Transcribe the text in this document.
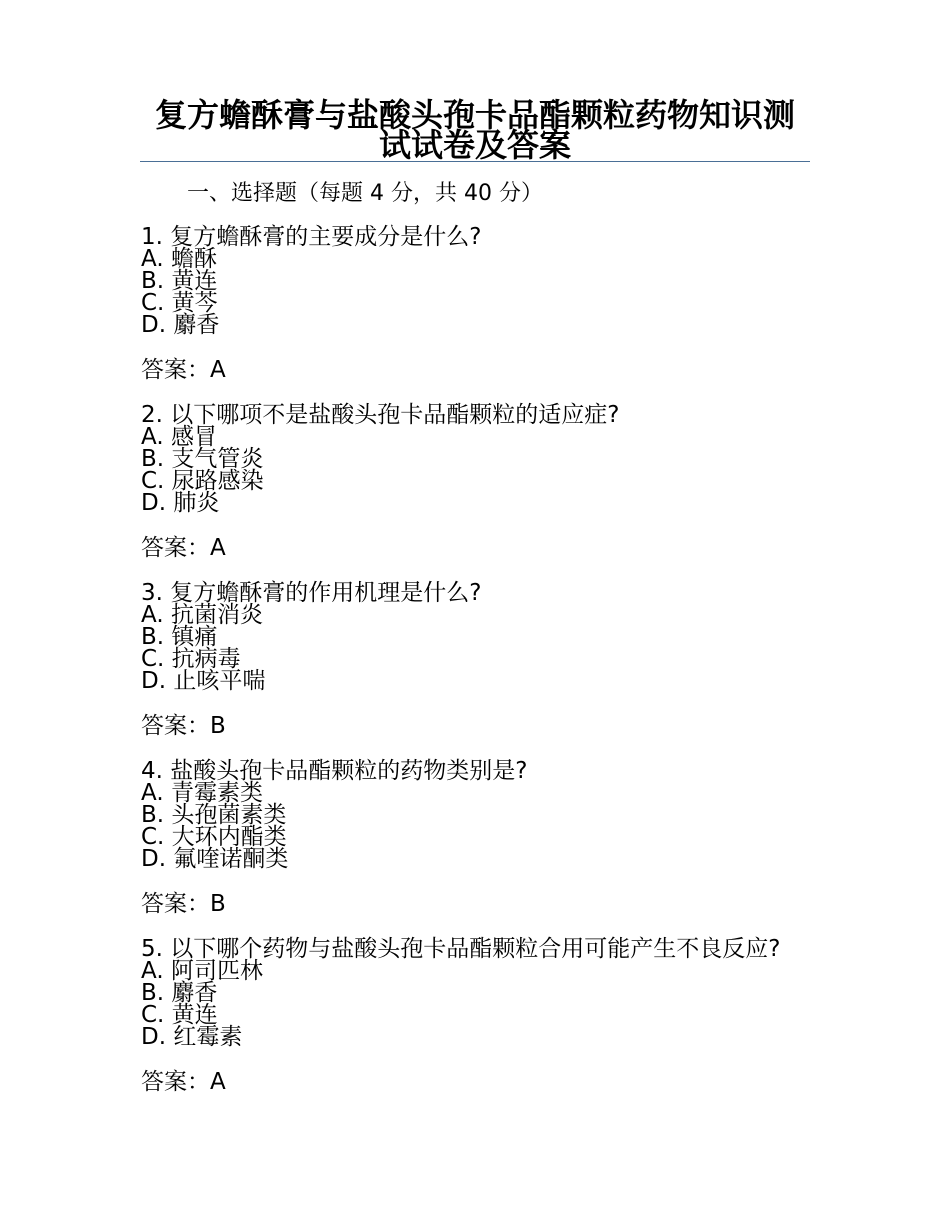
复方蟾酥膏与盐酸头孢卡品酯颗粒药物知识测试试卷及答案
一、选择题（每题 4 分，共 40 分）

1. 复方蟾酥膏的主要成分是什么?

A. 蟾酥
B. 黄连
C. 黄芩
D. 麝香
答案：A

2. 以下哪项不是盐酸头孢卡品酯颗粒的适应症?

A. 感冒
B. 支气管炎
C. 尿路感染
D. 肺炎
答案：A

3. 复方蟾酥膏的作用机理是什么?

A. 抗菌消炎
B. 镇痛
C. 抗病毒
D. 止咳平喘
答案：B

4. 盐酸头孢卡品酯颗粒的药物类别是?

A. 青霉素类
B. 头孢菌素类
C. 大环内酯类
D. 氟喹诺酮类
答案：B

5. 以下哪个药物与盐酸头孢卡品酯颗粒合用可能产生不良反应?

A. 阿司匹林
B. 麝香
C. 黄连
D. 红霉素
答案：A
